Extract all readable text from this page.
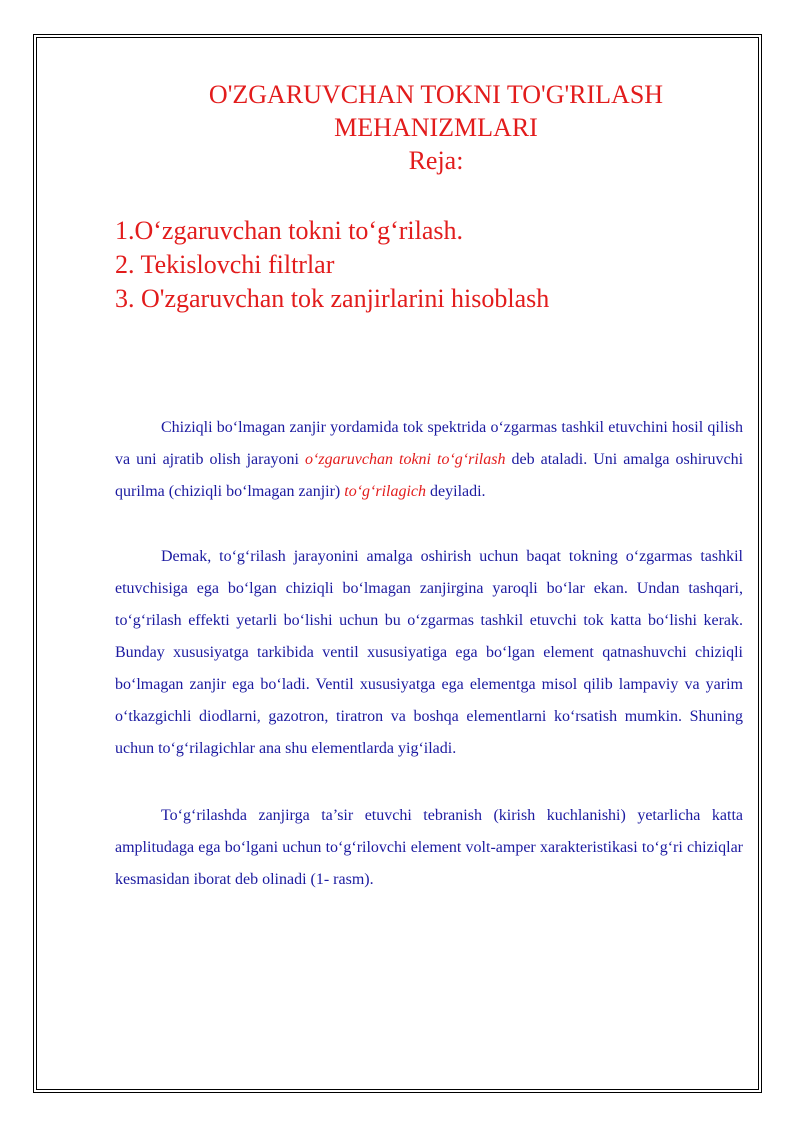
O'ZGARUVCHAN TOKNI TO'G'RILASH
MEHANIZMLARI
Reja:
1.O‘zgaruvchan tokni to‘g‘rilash.
2. Tekislovchi filtrlar
3. O'zgaruvchan tok zanjirlarini hisoblash

Chiziqli bo‘lmagan zanjir yordamida tok spektrida o‘zgarmas tashkil etuvchini hosil qilish va uni ajratib olish jarayoni o‘zgaruvchan tokni to‘g‘rilash deb ataladi. Uni amalga oshiruvchi qurilma (chiziqli bo‘lmagan zanjir) to‘g‘rilagich deyiladi.

Demak, to‘g‘rilash jarayonini amalga oshirish uchun baqat tokning o‘zgarmas tashkil etuvchisiga ega bo‘lgan chiziqli bo‘lmagan zanjirgina yaroqli bo‘lar ekan. Undan tashqari, to‘g‘rilash effekti yetarli bo‘lishi uchun bu o‘zgarmas tashkil etuvchi tok katta bo‘lishi kerak. Bunday xususiyatga tarkibida ventil xususiyatiga ega bo‘lgan element qatnashuvchi chiziqli bo‘lmagan zanjir ega bo‘ladi. Ventil xususiyatga ega elementga misol qilib lampaviy va yarim o‘tkazgichli diodlarni, gazotron, tiratron va boshqa elementlarni ko‘rsatish mumkin. Shuning uchun to‘g‘rilagichlar ana shu elementlarda yig‘iladi.

To‘g‘rilashda zanjirga ta’sir etuvchi tebranish (kirish kuchlanishi) yetarlicha katta amplitudaga ega bo‘lgani uchun to‘g‘rilovchi element volt-amper xarakteristikasi to‘g‘ri chiziqlar kesmasidan iborat deb olinadi (1- rasm).
